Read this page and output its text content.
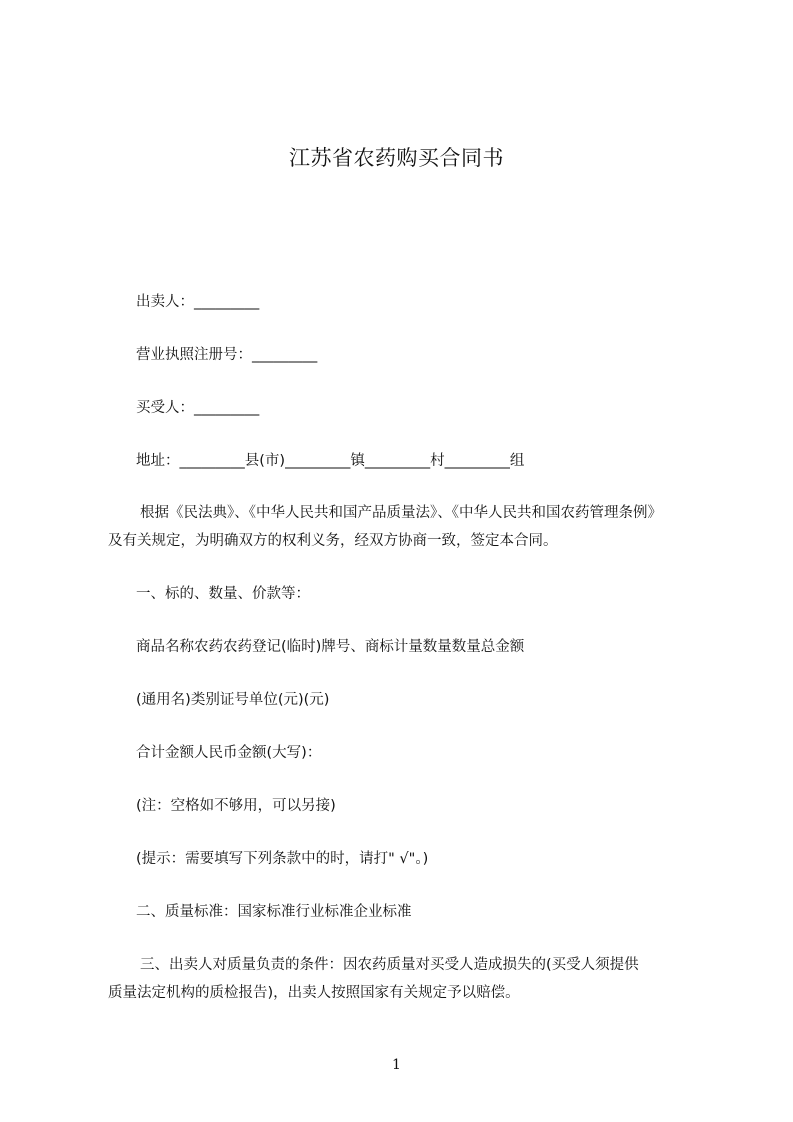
江苏省农药购买合同书

出卖人：_________

营业执照注册号：_________

买受人：_________

地址：_________县(市)_________镇_________村_________组

根据《民法典》、《中华人民共和国产品质量法》、《中华人民共和国农药管理条例》
及有关规定，为明确双方的权利义务，经双方协商一致，签定本合同。

一、标的、数量、价款等：

商品名称农药农药登记(临时)牌号、商标计量数量数量总金额

(通用名)类别证号单位(元)(元)

合计金额人民币金额(大写)：

(注：空格如不够用，可以另接)

(提示：需要填写下列条款中的时，请打" √"。)

二、质量标准：国家标准行业标准企业标准

三、出卖人对质量负责的条件：因农药质量对买受人造成损失的(买受人须提供
质量法定机构的质检报告)，出卖人按照国家有关规定予以赔偿。
1
